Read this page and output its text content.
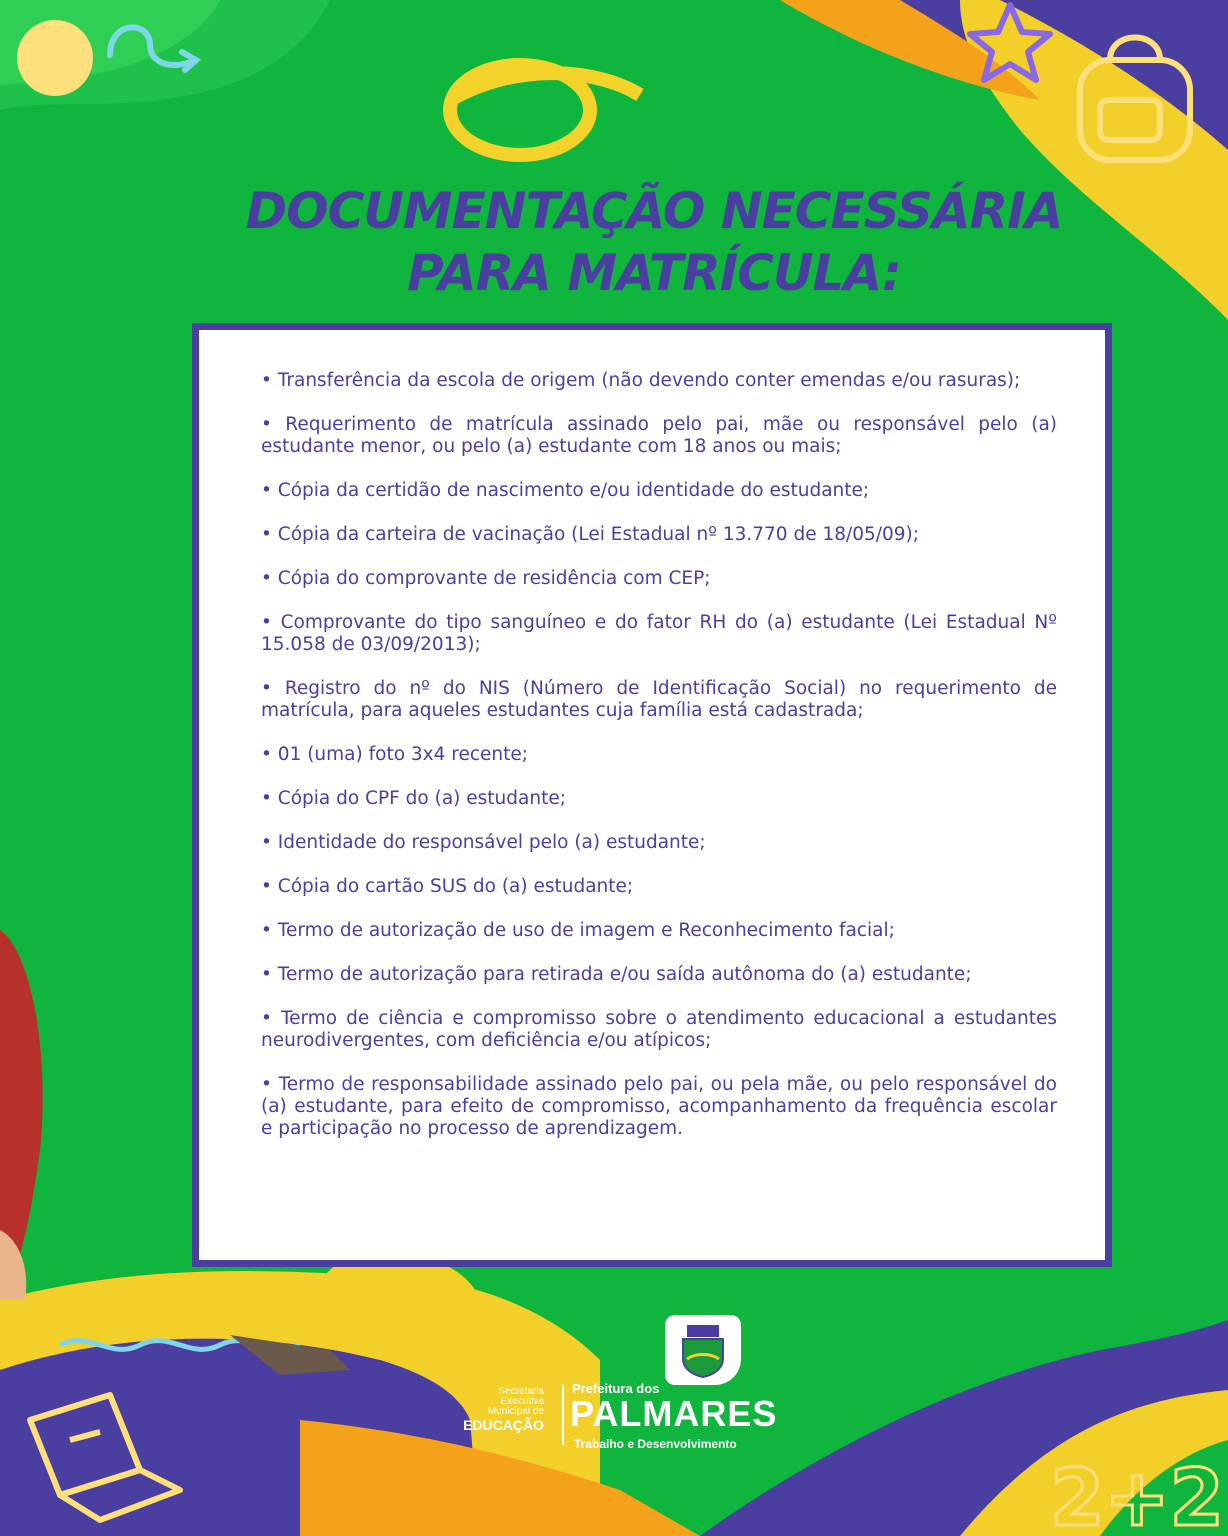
2+2
DOCUMENTAÇÃO NECESSÁRIA
PARA MATRÍCULA:
• Transferência da escola de origem (não devendo conter emendas e/ou rasuras);
• Requerimento de matrícula assinado pelo pai, mãe ou responsável pelo (a) estudante menor, ou pelo (a) estudante com 18 anos ou mais;
• Cópia da certidão de nascimento e/ou identidade do estudante;
• Cópia da carteira de vacinação (Lei Estadual nº 13.770 de 18/05/09);
• Cópia do comprovante de residência com CEP;
• Comprovante do tipo sanguíneo e do fator RH do (a) estudante (Lei Estadual Nº 15.058 de 03/09/2013);
• Registro do nº do NIS (Número de Identificação Social) no requerimento de matrícula, para aqueles estudantes cuja família está cadastrada;
• 01 (uma) foto 3x4 recente;
• Cópia do CPF do (a) estudante;
• Identidade do responsável pelo (a) estudante;
• Cópia do cartão SUS do (a) estudante;
• Termo de autorização de uso de imagem e Reconhecimento facial;
• Termo de autorização para retirada e/ou saída autônoma do (a) estudante;
• Termo de ciência e compromisso sobre o atendimento educacional a estudantes neurodivergentes, com deficiência e/ou atípicos;
• Termo de responsabilidade assinado pelo pai, ou pela mãe, ou pelo responsável do (a) estudante, para efeito de compromisso, acompanhamento da frequência escolar e participação no processo de aprendizagem.
Secretaria
Executiva
Municipal de
EDUCAÇÃO
Prefeitura dos
PALMARES
Trabalho e Desenvolvimento
